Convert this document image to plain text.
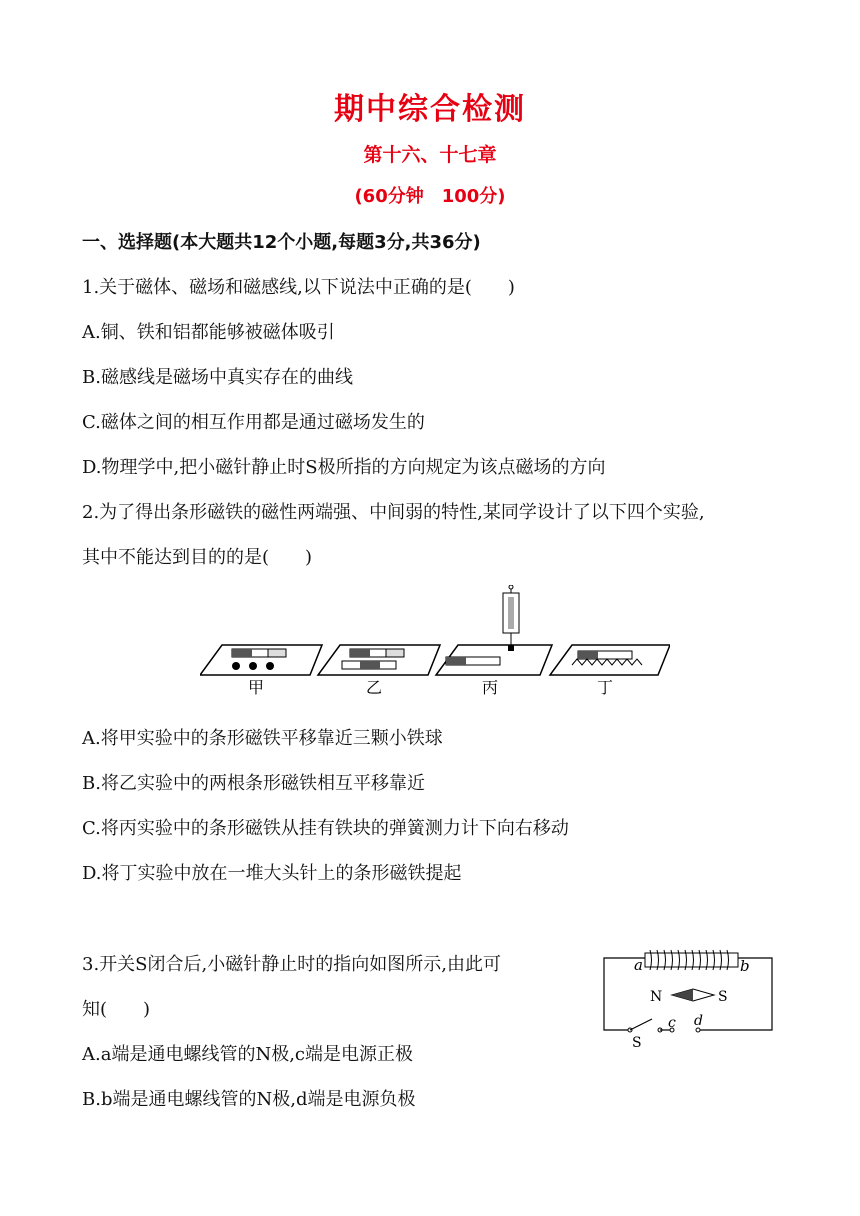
期中综合检测
第十六、十七章
(60分钟　100分)
一、选择题(本大题共12个小题,每题3分,共36分)
1.关于磁体、磁场和磁感线,以下说法中正确的是(　　)
A.铜、铁和铝都能够被磁体吸引
B.磁感线是磁场中真实存在的曲线
C.磁体之间的相互作用都是通过磁场发生的
D.物理学中,把小磁针静止时S极所指的方向规定为该点磁场的方向
2.为了得出条形磁铁的磁性两端强、中间弱的特性,某同学设计了以下四个实验,
其中不能达到目的的是(　　)
甲	乙	丙	丁
A.将甲实验中的条形磁铁平移靠近三颗小铁球
B.将乙实验中的两根条形磁铁相互平移靠近
C.将丙实验中的条形磁铁从挂有铁块的弹簧测力计下向右移动
D.将丁实验中放在一堆大头针上的条形磁铁提起
3.开关S闭合后,小磁针静止时的指向如图所示,由此可
知(　　)
a	b
N	S
c d
S
A.a端是通电螺线管的N极,c端是电源正极
B.b端是通电螺线管的N极,d端是电源负极
